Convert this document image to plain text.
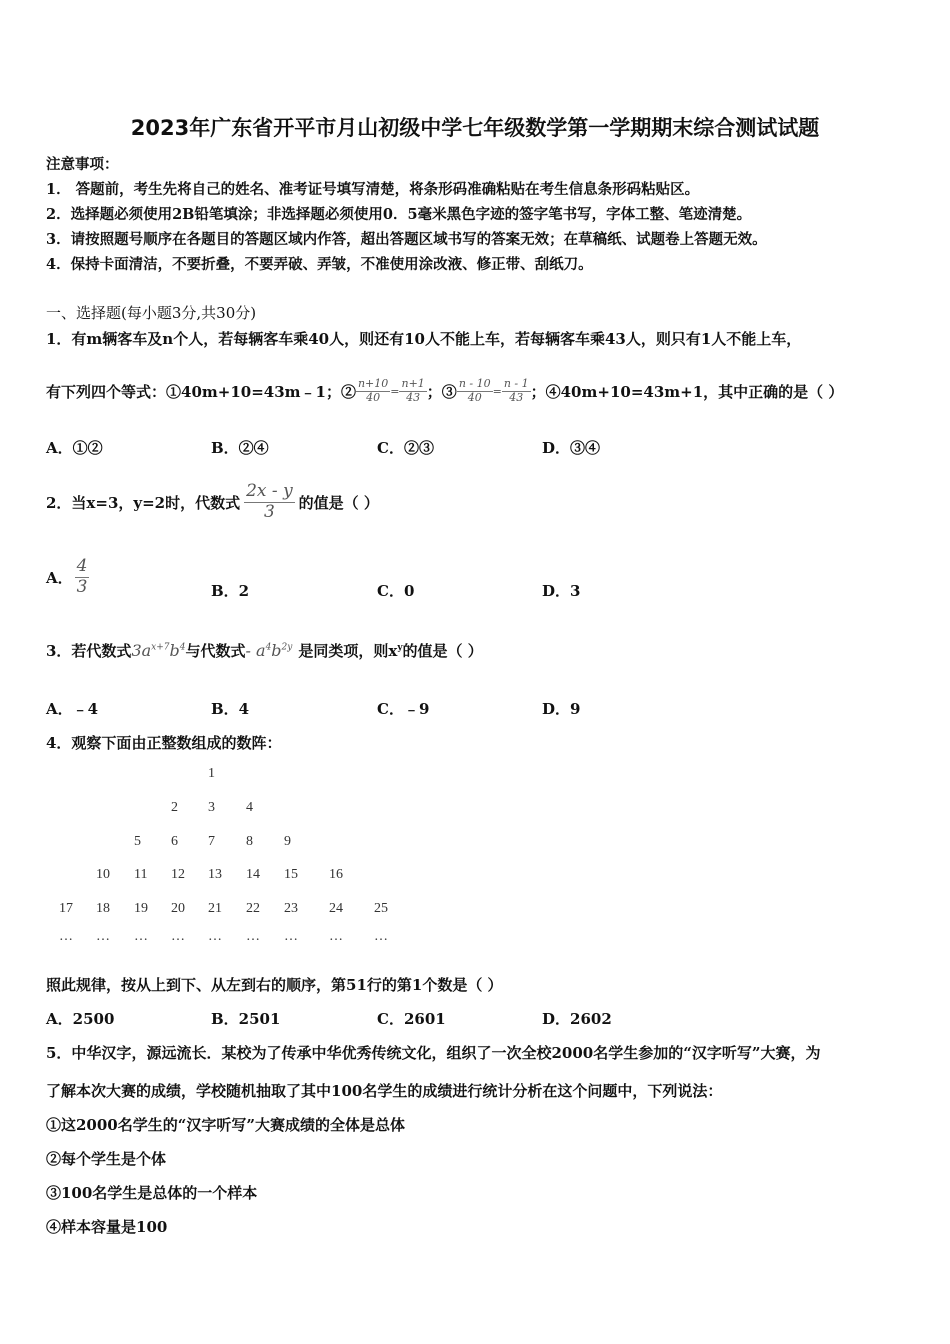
2023年广东省开平市月山初级中学七年级数学第一学期期末综合测试试题
注意事项：
1． 答题前，考生先将自己的姓名、准考证号填写清楚，将条形码准确粘贴在考生信息条形码粘贴区。
2．选择题必须使用2B铅笔填涂；非选择题必须使用0．5毫米黑色字迹的签字笔书写，字体工整、笔迹清楚。
3．请按照题号顺序在各题目的答题区域内作答，超出答题区域书写的答案无效；在草稿纸、试题卷上答题无效。
4．保持卡面清洁，不要折叠，不要弄破、弄皱，不准使用涂改液、修正带、刮纸刀。
一、选择题(每小题3分,共30分)
1．有m辆客车及n个人，若每辆客车乘40人，则还有10人不能上车，若每辆客车乘43人，则只有1人不能上车，
有下列四个等式：①40m+10=43m﹣1；② $\frac{n+10}{40} = \frac{n+1}{43}$ ；③ $\frac{n - 10}{40} = \frac{n - 1}{43}$ ；④40m+10=43m+1，其中正确的是（ ）
A．①②	B．②④	C．②③	D．③④
2．当x=3，y=2时，代数式 $\frac{2x - y}{3}$ 的值是（ ）
A． $\frac{4}{3}$	B．2	C．0	D．3
3．若代数式 $3a^{x+7}b^4$ 与代数式 - $a^4b^{2y}$ 是同类项，则$x^y$的值是（ ）
A．﹣4	B．4	C．﹣9	D．9
4．观察下面由正整数组成的数阵：
1
2 3 4
5 6 7 8 9
10 11 12 13 14 15 16
17 18 19 20 21 22 23 24 25
… … … … … … … … …
照此规律，按从上到下、从左到右的顺序，第51行的第1个数是（ ）
A．2500	B．2501	C．2601	D．2602
5．中华汉字，源远流长．某校为了传承中华优秀传统文化，组织了一次全校2000名学生参加的“汉字听写”大赛，为
了解本次大赛的成绩，学校随机抽取了其中100名学生的成绩进行统计分析在这个问题中，下列说法：
①这2000名学生的“汉字听写”大赛成绩的全体是总体
②每个学生是个体
③100名学生是总体的一个样本
④样本容量是100
